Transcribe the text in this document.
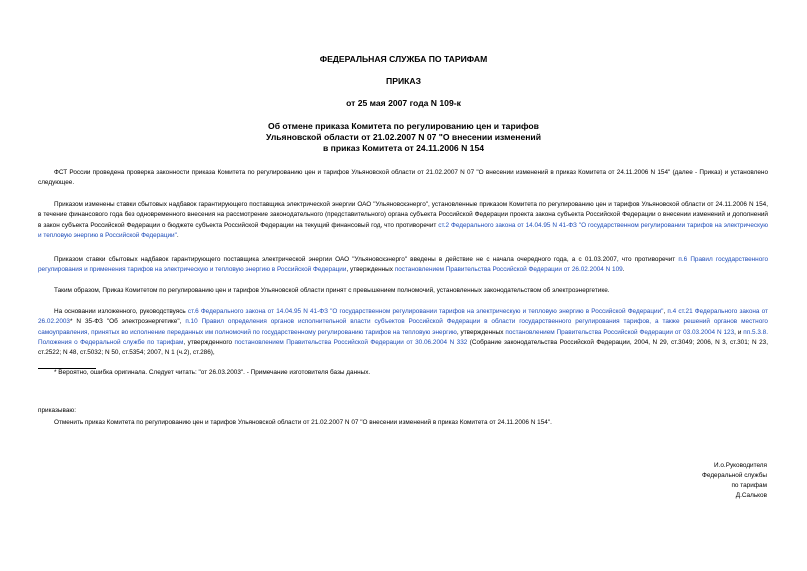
ФЕДЕРАЛЬНАЯ СЛУЖБА ПО ТАРИФАМ
ПРИКАЗ
от 25 мая 2007 года N 109-к
Об отмене приказа Комитета по регулированию цен и тарифов
Ульяновской области от 21.02.2007 N 07 "О внесении изменений
в приказ Комитета от 24.11.2006 N 154

ФСТ России проведена проверка законности приказа Комитета по регулированию цен и тарифов Ульяновской области от 21.02.2007 N 07 "О внесении изменений в приказ Комитета от 24.11.2006 N 154" (далее - Приказ) и установлено следующее.

Приказом изменены ставки сбытовых надбавок гарантирующего поставщика электрической энергии ОАО "Ульяновскэнерго", установленные приказом Комитета по регулированию цен и тарифов Ульяновской области от 24.11.2006 N 154, в течение финансового года без одновременного внесения на рассмотрение законодательного (представительного) органа субъекта Российской Федерации проекта закона субъекта Российской Федерации о внесении изменений и дополнений в закон субъекта Российской Федерации о бюджете субъекта Российской Федерации на текущий финансовый год, что противоречит ст.2 Федерального закона от 14.04.95 N 41-ФЗ "О государственном регулировании тарифов на электрическую и тепловую энергию в Российской Федерации".

Приказом ставки сбытовых надбавок гарантирующего поставщика электрической энергии ОАО "Ульяновскэнерго" введены в действие не с начала очередного года, а с 01.03.2007, что противоречит п.6 Правил государственного регулирования и применения тарифов на электрическую и тепловую энергию в Российской Федерации, утвержденных постановлением Правительства Российской Федерации от 26.02.2004 N 109.

Таким образом, Приказ Комитетом по регулированию цен и тарифов Ульяновской области принят с превышением полномочий, установленных законодательством об электроэнергетике.

На основании изложенного, руководствуясь ст.6 Федерального закона от 14.04.95 N 41-ФЗ "О государственном регулировании тарифов на электрическую и тепловую энергию в Российской Федерации", п.4 ст.21 Федерального закона от 26.02.2003* N 35-ФЗ "Об электроэнергетике", п.10 Правил определения органов исполнительной власти субъектов Российской Федерации в области государственного регулирования тарифов, а также решений органов местного самоуправления, принятых во исполнение переданных им полномочий по государственному регулированию тарифов на тепловую энергию, утвержденных постановлением Правительства Российской Федерации от 03.03.2004 N 123, и пп.5.3.8. Положения о Федеральной службе по тарифам, утвержденного постановлением Правительства Российской Федерации от 30.06.2004 N 332 (Собрание законодательства Российской Федерации, 2004, N 29, ст.3049; 2006, N 3, ст.301; N 23, ст.2522; N 48, ст.5032; N 50, ст.5354; 2007, N 1 (ч.2), ст.286),

* Вероятно, ошибка оригинала. Следует читать: "от 26.03.2003". - Примечание изготовителя базы данных.

приказываю:

Отменить приказ Комитета по регулированию цен и тарифов Ульяновской области от 21.02.2007 N 07 "О внесении изменений в приказ Комитета от 24.11.2006 N 154".

И.о.Руководителя
Федеральной службы
по тарифам
Д.Сальков
